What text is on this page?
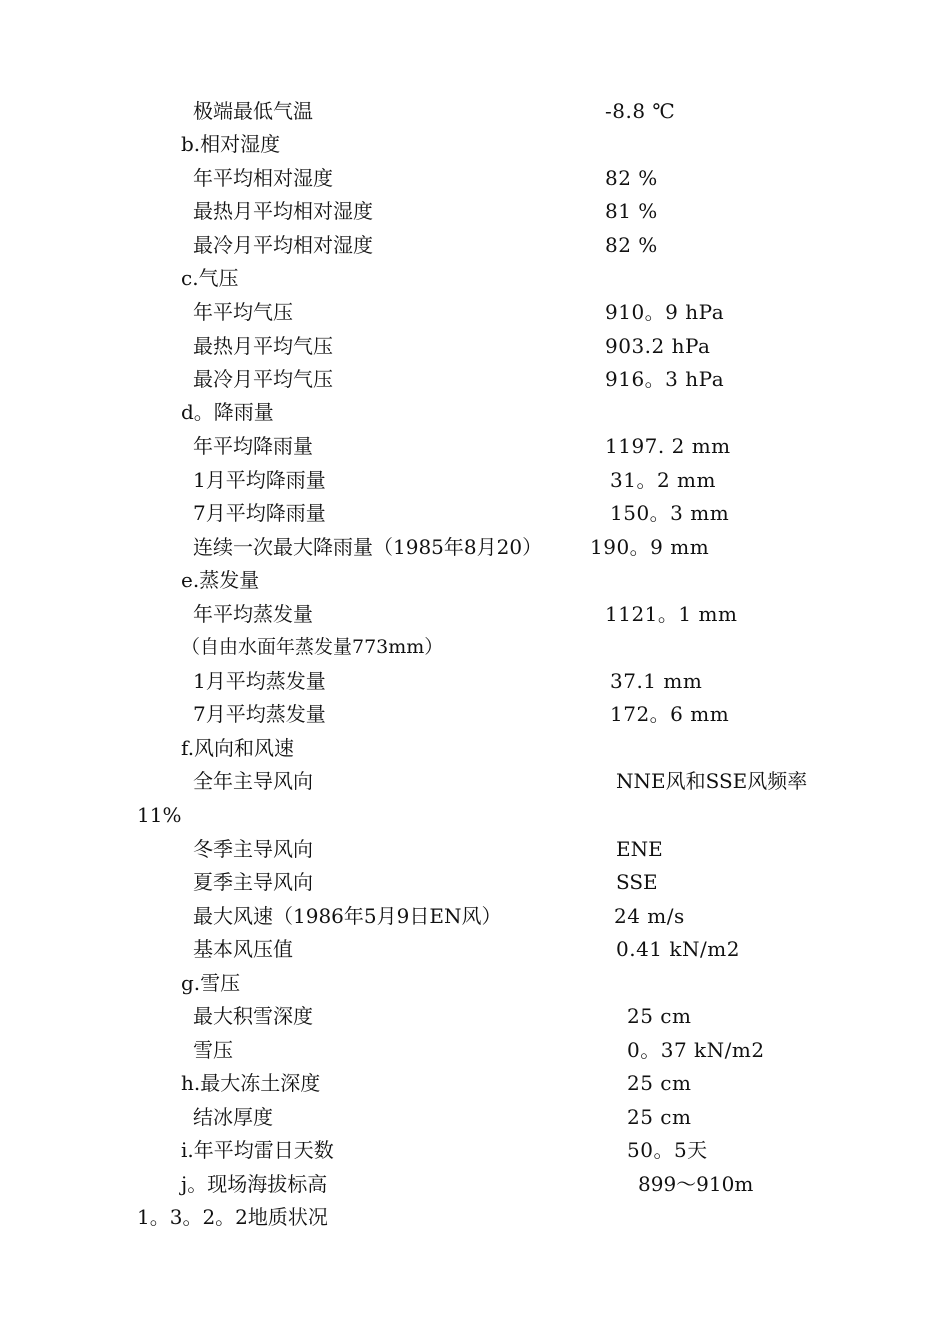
极端最低气温	-8.8 ℃
b.相对湿度
年平均相对湿度	82 %
最热月平均相对湿度	81 %
最冷月平均相对湿度	82 %
c.气压
年平均气压	910。9 hPa
最热月平均气压	903.2 hPa
最冷月平均气压	916。3 hPa
d。降雨量
年平均降雨量	1197. 2 mm
1月平均降雨量	31。2 mm
7月平均降雨量	150。3 mm
连续一次最大降雨量（1985年8月20） 190。9 mm
e.蒸发量
年平均蒸发量	1121。1 mm
（自由水面年蒸发量773mm）
1月平均蒸发量	37.1 mm
7月平均蒸发量	172。6 mm
f.风向和风速
全年主导风向	NNE风和SSE风频率
11%
冬季主导风向	ENE
夏季主导风向	SSE
最大风速（1986年5月9日EN风）	24 m/s
基本风压值	0.41 kN/m2
g.雪压
最大积雪深度	25 cm
雪压	0。37 kN/m2
h.最大冻土深度	25 cm
结冰厚度	25 cm
i.年平均雷日天数	50。5天
j。现场海拔标高	899～910m
1。3。2。2地质状况
